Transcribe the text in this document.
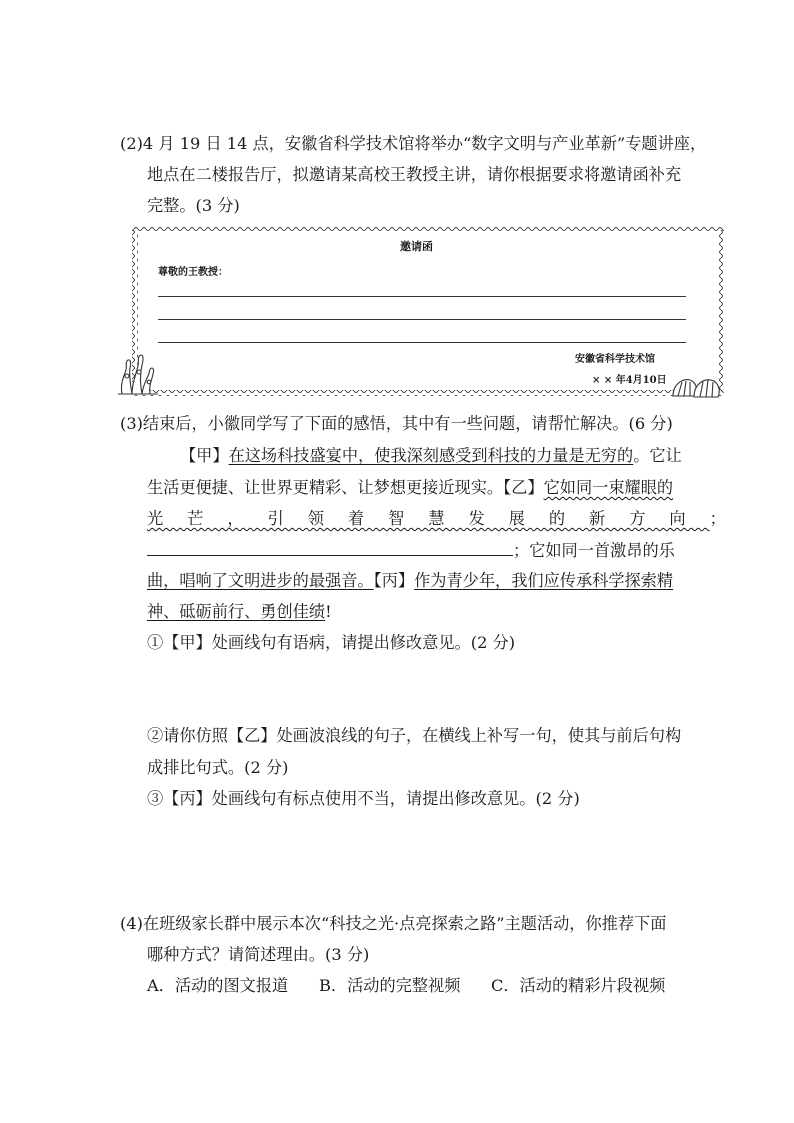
(2)4 月 19 日 14 点，安徽省科学技术馆将举办“数字文明与产业革新”专题讲座，
地点在二楼报告厅，拟邀请某高校王教授主讲，请你根据要求将邀请函补充
完整。(3 分)
邀请函
尊敬的王教授：
安徽省科学技术馆
× × 年4月10日
(3)结束后，小徽同学写了下面的感悟，其中有一些问题，请帮忙解决。(6 分)
【甲】在这场科技盛宴中，使我深刻感受到科技的力量是无穷的。它让
生活更便捷、让世界更精彩、让梦想更接近现实。【乙】它如同一束耀眼的
光芒，引领着智慧发展的新方向；
；它如同一首激昂的乐
曲，唱响了文明进步的最强音。【丙】作为青少年，我们应传承科学探索精
神、砥砺前行、勇创佳绩!
①【甲】处画线句有语病，请提出修改意见。(2 分)
②请你仿照【乙】处画波浪线的句子，在横线上补写一句，使其与前后句构
成排比句式。(2 分)
③【丙】处画线句有标点使用不当，请提出修改意见。(2 分)
(4)在班级家长群中展示本次“科技之光·点亮探索之路”主题活动，你推荐下面
哪种方式？请简述理由。(3 分)
A．活动的图文报道 B．活动的完整视频 C．活动的精彩片段视频
